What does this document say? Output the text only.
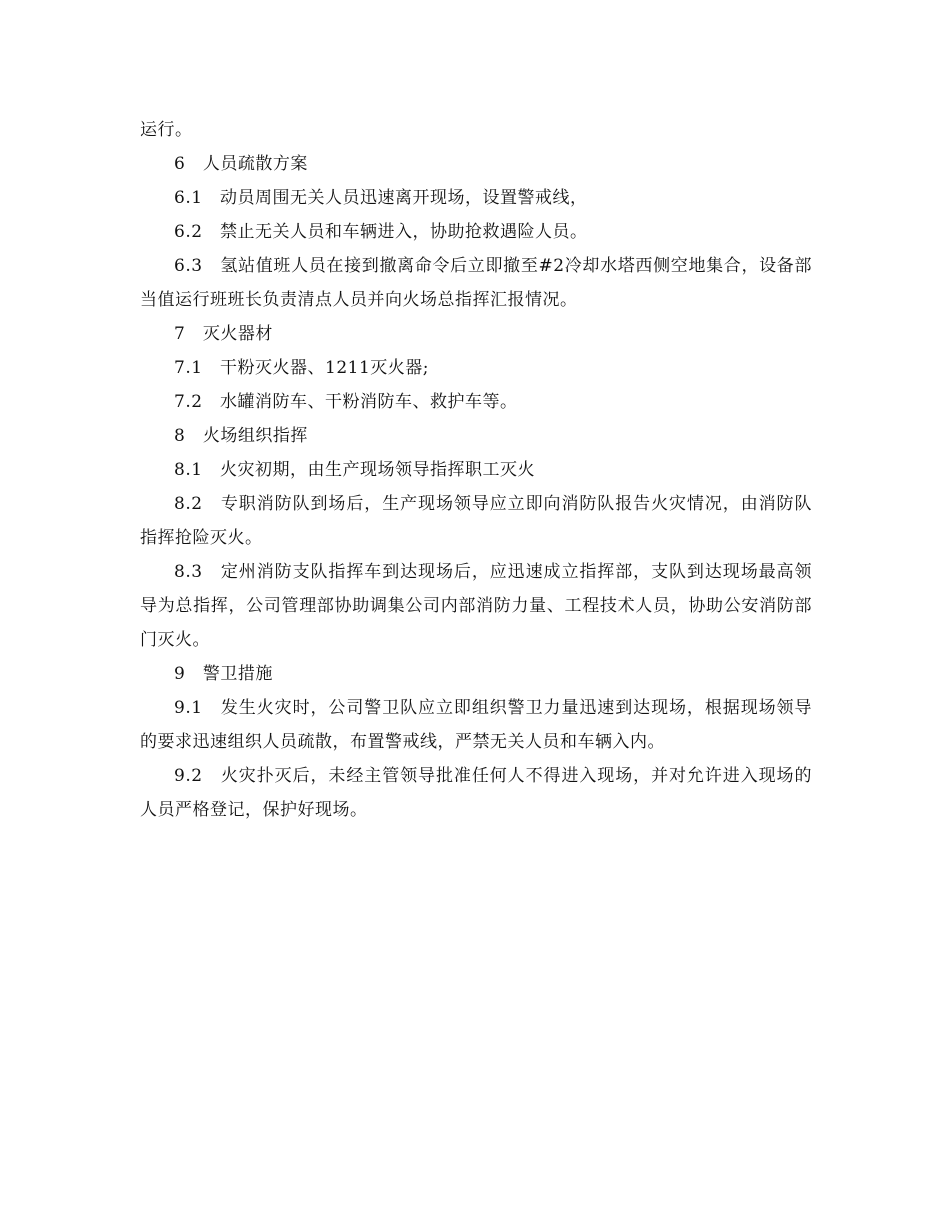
运行。

6　人员疏散方案

6.1　动员周围无关人员迅速离开现场，设置警戒线，

6.2　禁止无关人员和车辆进入，协助抢救遇险人员。

6.3　氢站值班人员在接到撤离命令后立即撤至#2冷却水塔西侧空地集合，设备部当值运行班班长负责清点人员并向火场总指挥汇报情况。

7　灭火器材

7.1　干粉灭火器、1211灭火器;

7.2　水罐消防车、干粉消防车、救护车等。

8　火场组织指挥

8.1　火灾初期，由生产现场领导指挥职工灭火

8.2　专职消防队到场后，生产现场领导应立即向消防队报告火灾情况，由消防队指挥抢险灭火。

8.3　定州消防支队指挥车到达现场后，应迅速成立指挥部，支队到达现场最高领导为总指挥，公司管理部协助调集公司内部消防力量、工程技术人员，协助公安消防部门灭火。

9　警卫措施

9.1　发生火灾时，公司警卫队应立即组织警卫力量迅速到达现场，根据现场领导的要求迅速组织人员疏散，布置警戒线，严禁无关人员和车辆入内。

9.2　火灾扑灭后，未经主管领导批准任何人不得进入现场，并对允许进入现场的人员严格登记，保护好现场。
